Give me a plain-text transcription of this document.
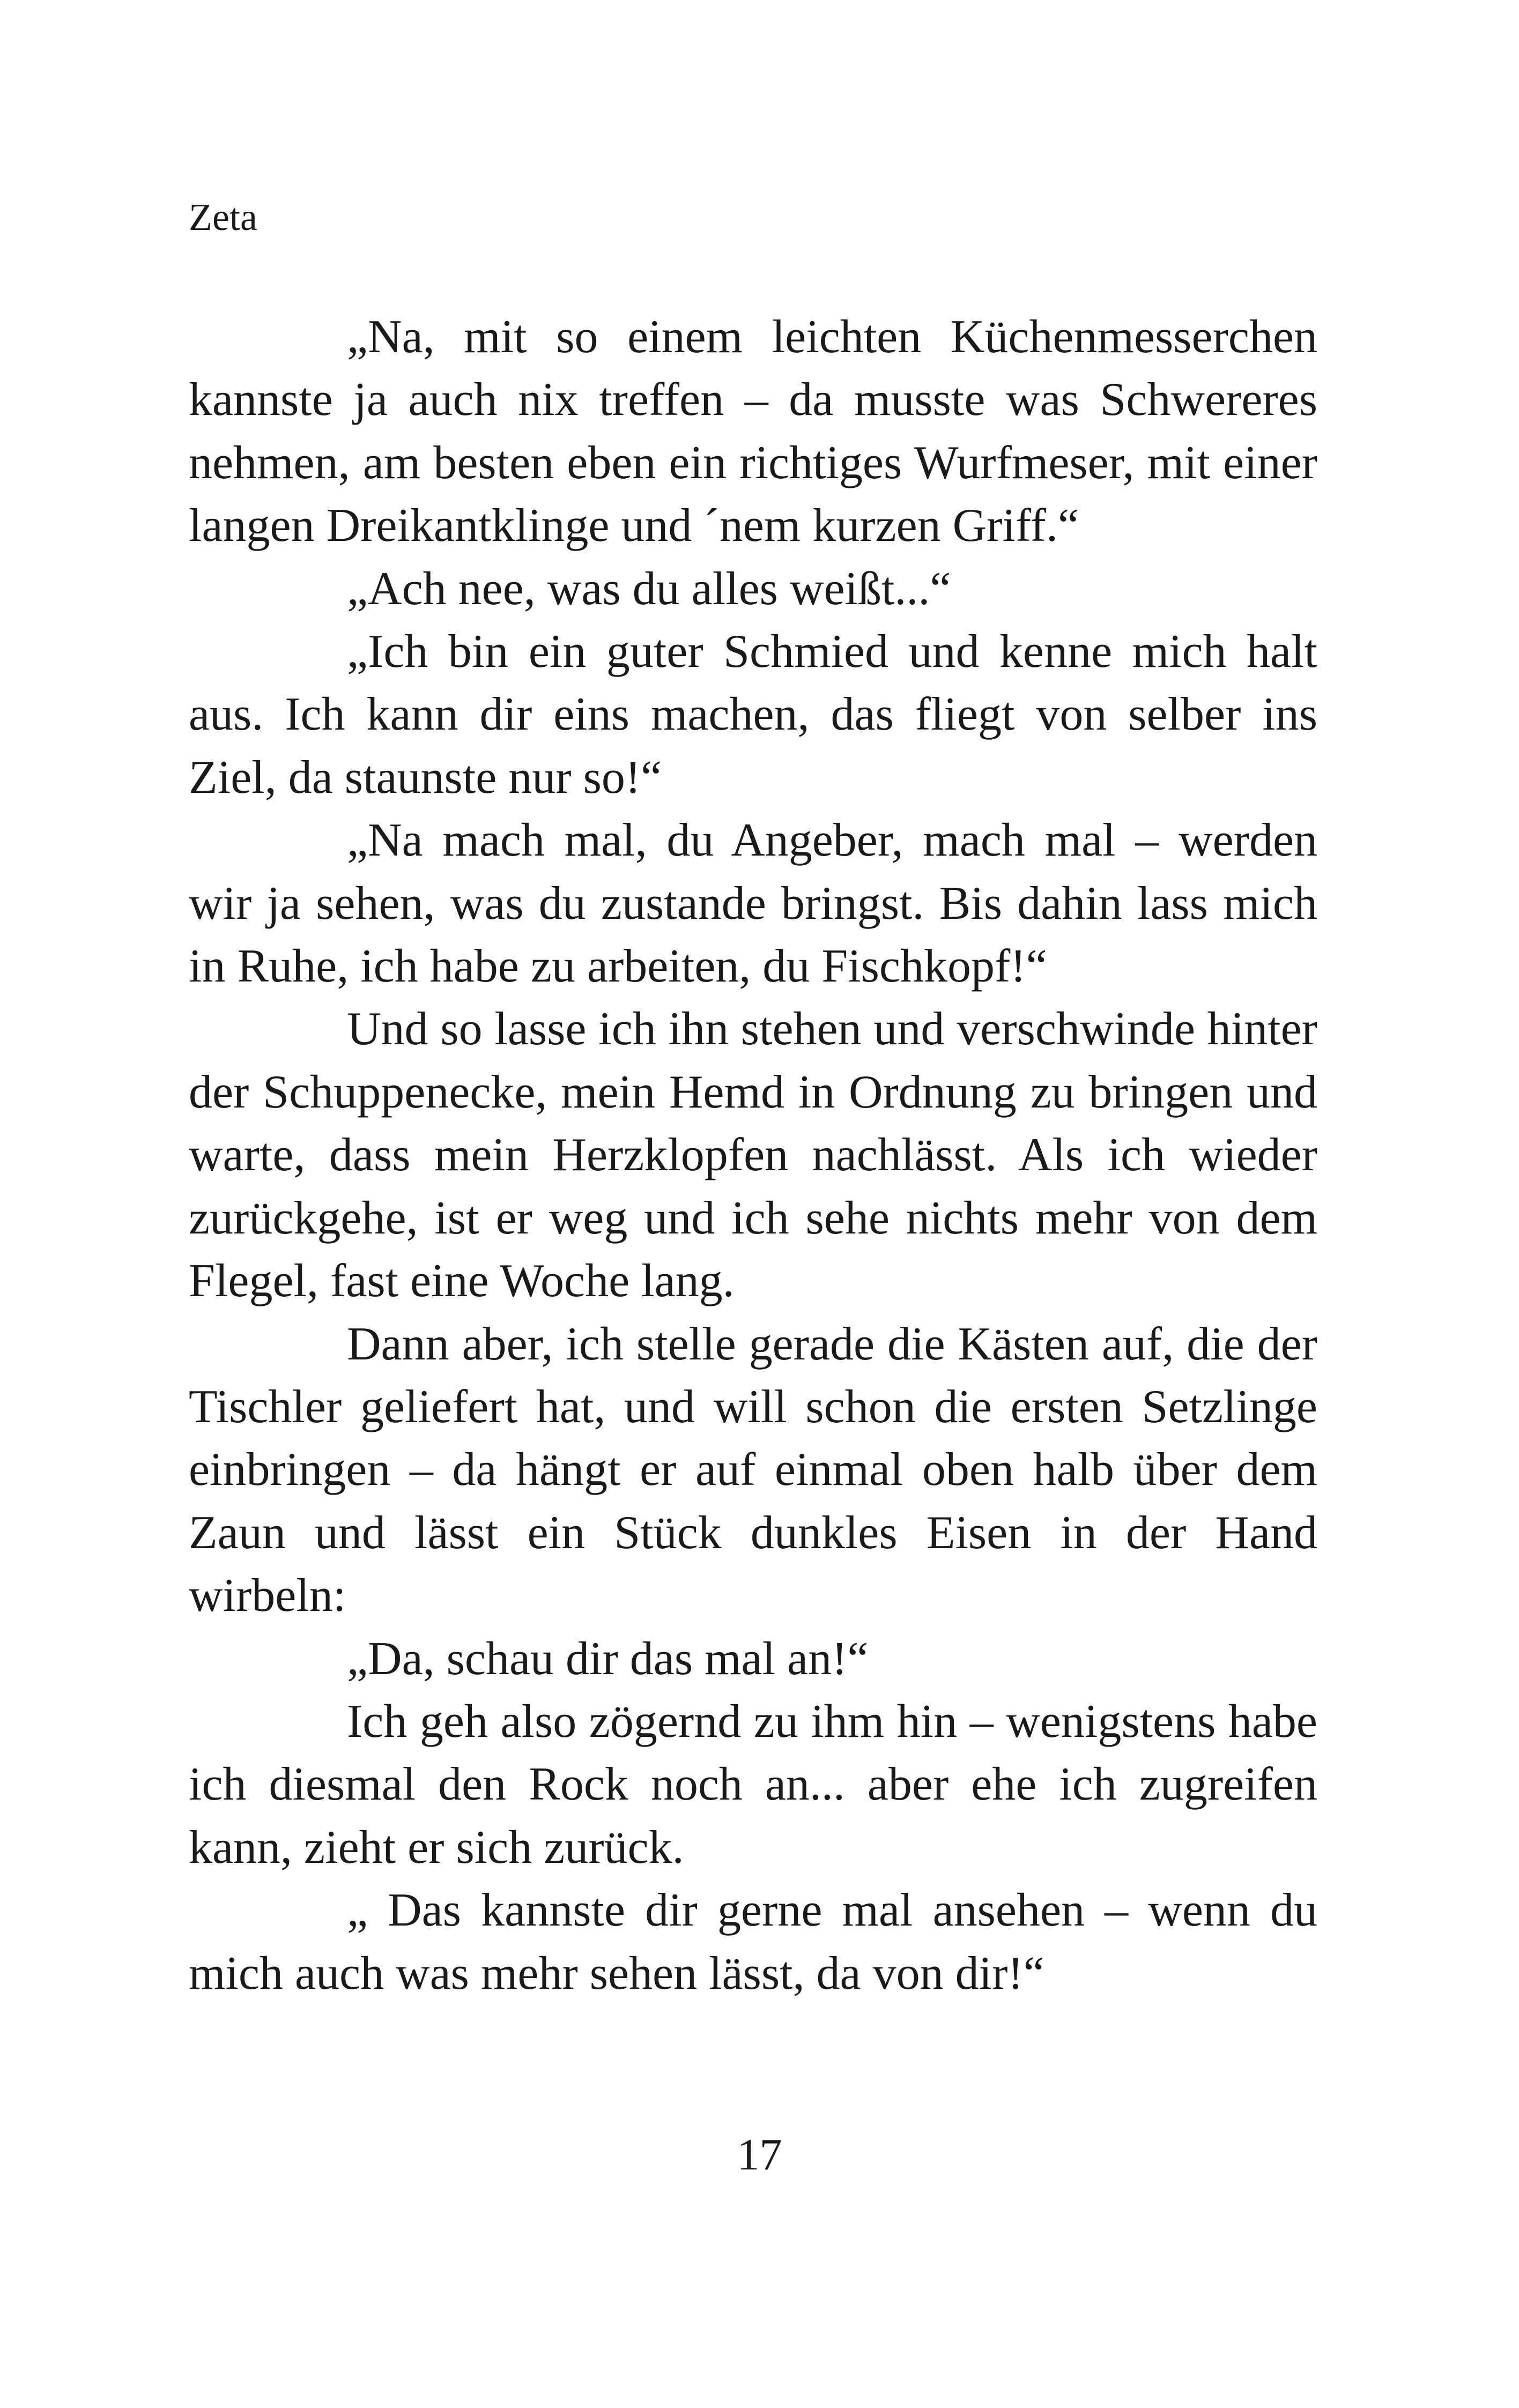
Zeta

„Na, mit so einem leichten Küchenmesserchen kannste ja auch nix treffen – da musste was Schwereres nehmen, am besten eben ein richtiges Wurfmeser, mit einer langen Dreikantklinge und ´nem kurzen Griff.“

„Ach nee, was du alles weißt...“

„Ich bin ein guter Schmied und kenne mich halt aus. Ich kann dir eins machen, das fliegt von selber ins Ziel, da staunste nur so!“

„Na mach mal, du Angeber, mach mal – werden wir ja sehen, was du zustande bringst. Bis dahin lass mich in Ruhe, ich habe zu arbeiten, du Fischkopf!“

Und so lasse ich ihn stehen und verschwinde hinter der Schuppenecke, mein Hemd in Ordnung zu bringen und warte, dass mein Herzklopfen nachlässt. Als ich wieder zurückgehe, ist er weg und ich sehe nichts mehr von dem Flegel, fast eine Woche lang.

Dann aber, ich stelle gerade die Kästen auf, die der Tischler geliefert hat, und will schon die ersten Setzlinge einbringen – da hängt er auf einmal oben halb über dem Zaun und lässt ein Stück dunkles Eisen in der Hand wirbeln:

„Da, schau dir das mal an!“

Ich geh also zögernd zu ihm hin – wenigstens habe ich diesmal den Rock noch an... aber ehe ich zugreifen kann, zieht er sich zurück.

„ Das kannste dir gerne mal ansehen – wenn du mich auch was mehr sehen lässt, da von dir!“

17
